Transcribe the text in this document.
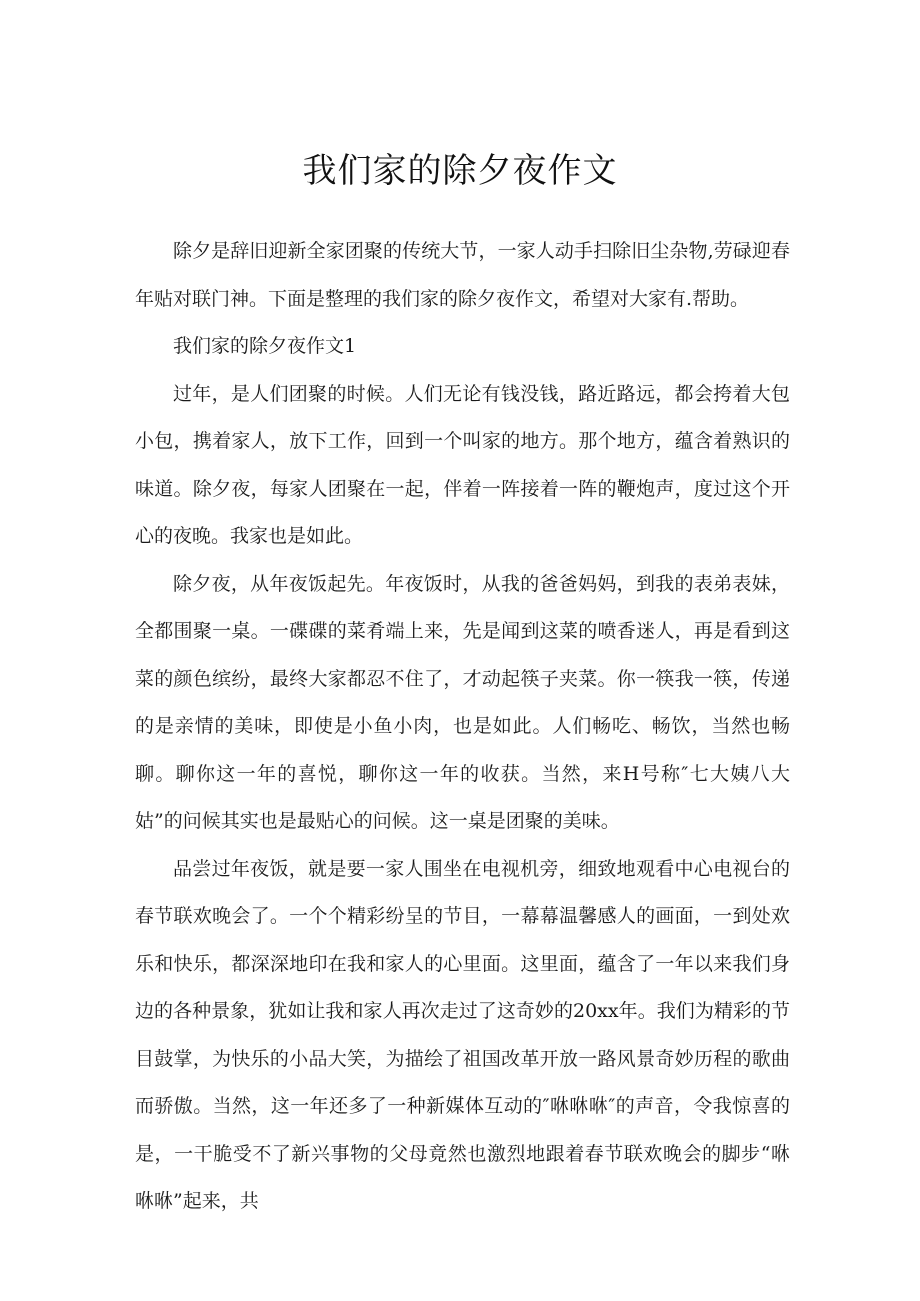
我们家的除夕夜作文

除夕是辞旧迎新全家团聚的传统大节，一家人动手扫除旧尘杂物,劳碌迎春年贴对联门神。下面是整理的我们家的除夕夜作文，希望对大家有.帮助。

我们家的除夕夜作文1

过年，是人们团聚的时候。人们无论有钱没钱，路近路远，都会挎着大包小包，携着家人，放下工作，回到一个叫家的地方。那个地方，蕴含着熟识的味道。除夕夜，每家人团聚在一起，伴着一阵接着一阵的鞭炮声，度过这个开心的夜晚。我家也是如此。

除夕夜，从年夜饭起先。年夜饭时，从我的爸爸妈妈，到我的表弟表妹，全都围聚一桌。一碟碟的菜肴端上来，先是闻到这菜的喷香迷人，再是看到这菜的颜色缤纷，最终大家都忍不住了，才动起筷子夹菜。你一筷我一筷，传递的是亲情的美味，即使是小鱼小肉，也是如此。人们畅吃、畅饮，当然也畅聊。聊你这一年的喜悦，聊你这一年的收获。当然，来H号称″七大姨八大姑”的问候其实也是最贴心的问候。这一桌是团聚的美味。

品尝过年夜饭，就是要一家人围坐在电视机旁，细致地观看中心电视台的春节联欢晚会了。一个个精彩纷呈的节目，一幕幕温馨感人的画面，一到处欢乐和快乐，都深深地印在我和家人的心里面。这里面，蕴含了一年以来我们身边的各种景象，犹如让我和家人再次走过了这奇妙的20xx年。我们为精彩的节目鼓掌，为快乐的小品大笑，为描绘了祖国改革开放一路风景奇妙历程的歌曲而骄傲。当然，这一年还多了一种新媒体互动的″咻咻咻″的声音，令我惊喜的是，一干脆受不了新兴事物的父母竟然也激烈地跟着春节联欢晚会的脚步“咻咻咻”起来，共
